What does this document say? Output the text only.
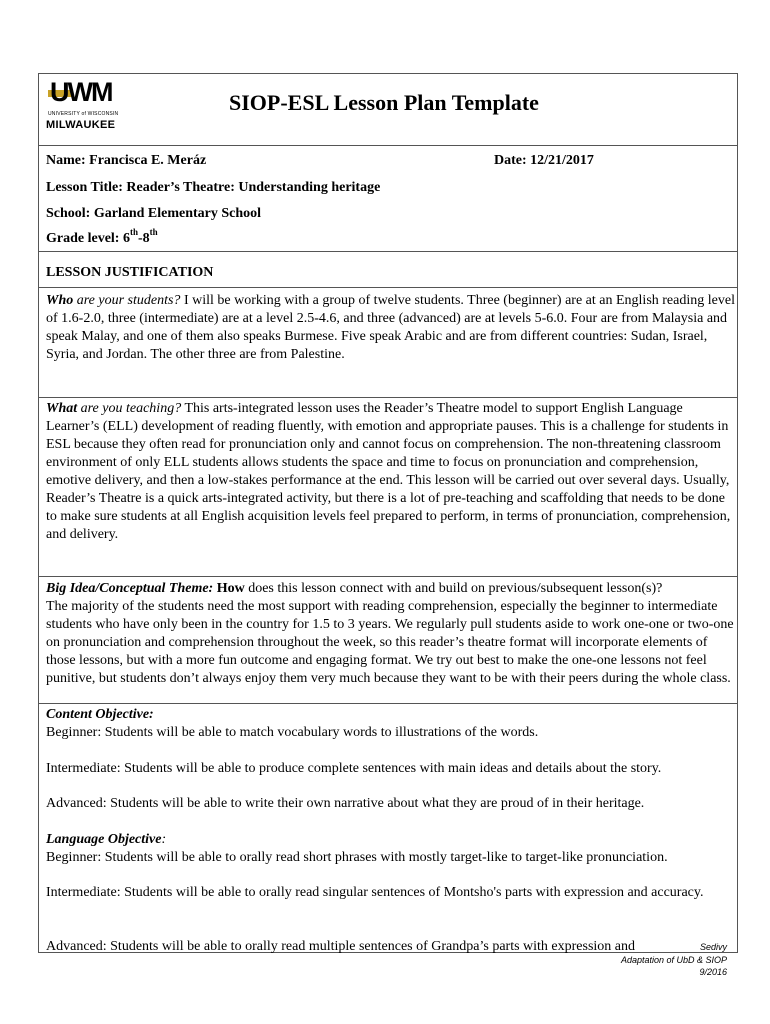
UWM
UNIVERSITY of WISCONSIN
MILWAUKEE
SIOP-ESL Lesson Plan Template
Name: Francisca E. Meráz	Date: 12/21/2017
Lesson Title: Reader’s Theatre: Understanding heritage
School: Garland Elementary School
Grade level: 6th-8th
LESSON JUSTIFICATION
Who are your students? I will be working with a group of twelve students. Three (beginner) are at an English reading level of 1.6-2.0, three (intermediate) are at a level 2.5-4.6, and three (advanced) are at levels 5-6.0. Four are from Malaysia and speak Malay, and one of them also speaks Burmese. Five speak Arabic and are from different countries: Sudan, Israel, Syria, and Jordan. The other three are from Palestine.
What are you teaching? This arts-integrated lesson uses the Reader’s Theatre model to support English Language Learner’s (ELL) development of reading fluently, with emotion and appropriate pauses. This is a challenge for students in ESL because they often read for pronunciation only and cannot focus on comprehension. The non-threatening classroom environment of only ELL students allows students the space and time to focus on pronunciation and comprehension, emotive delivery, and then a low-stakes performance at the end. This lesson will be carried out over several days. Usually, Reader’s Theatre is a quick arts-integrated activity, but there is a lot of pre-teaching and scaffolding that needs to be done to make sure students at all English acquisition levels feel prepared to perform, in terms of pronunciation, comprehension, and delivery.
Big Idea/Conceptual Theme: How does this lesson connect with and build on previous/subsequent lesson(s)?
The majority of the students need the most support with reading comprehension, especially the beginner to intermediate students who have only been in the country for 1.5 to 3 years. We regularly pull students aside to work one-one or two-one on pronunciation and comprehension throughout the week, so this reader’s theatre format will incorporate elements of those lessons, but with a more fun outcome and engaging format. We try out best to make the one-one lessons not feel punitive, but students don’t always enjoy them very much because they want to be with their peers during the whole class.
Content Objective:
Beginner: Students will be able to match vocabulary words to illustrations of the words.
Intermediate: Students will be able to produce complete sentences with main ideas and details about the story.
Advanced: Students will be able to write their own narrative about what they are proud of in their heritage.
Language Objective:
Beginner: Students will be able to orally read short phrases with mostly target-like to target-like pronunciation.
Intermediate: Students will be able to orally read singular sentences of Montsho's parts with expression and accuracy.
Advanced: Students will be able to orally read multiple sentences of Grandpa’s parts with expression and	Sedivy
Adaptation of UbD & SIOP
9/2016
